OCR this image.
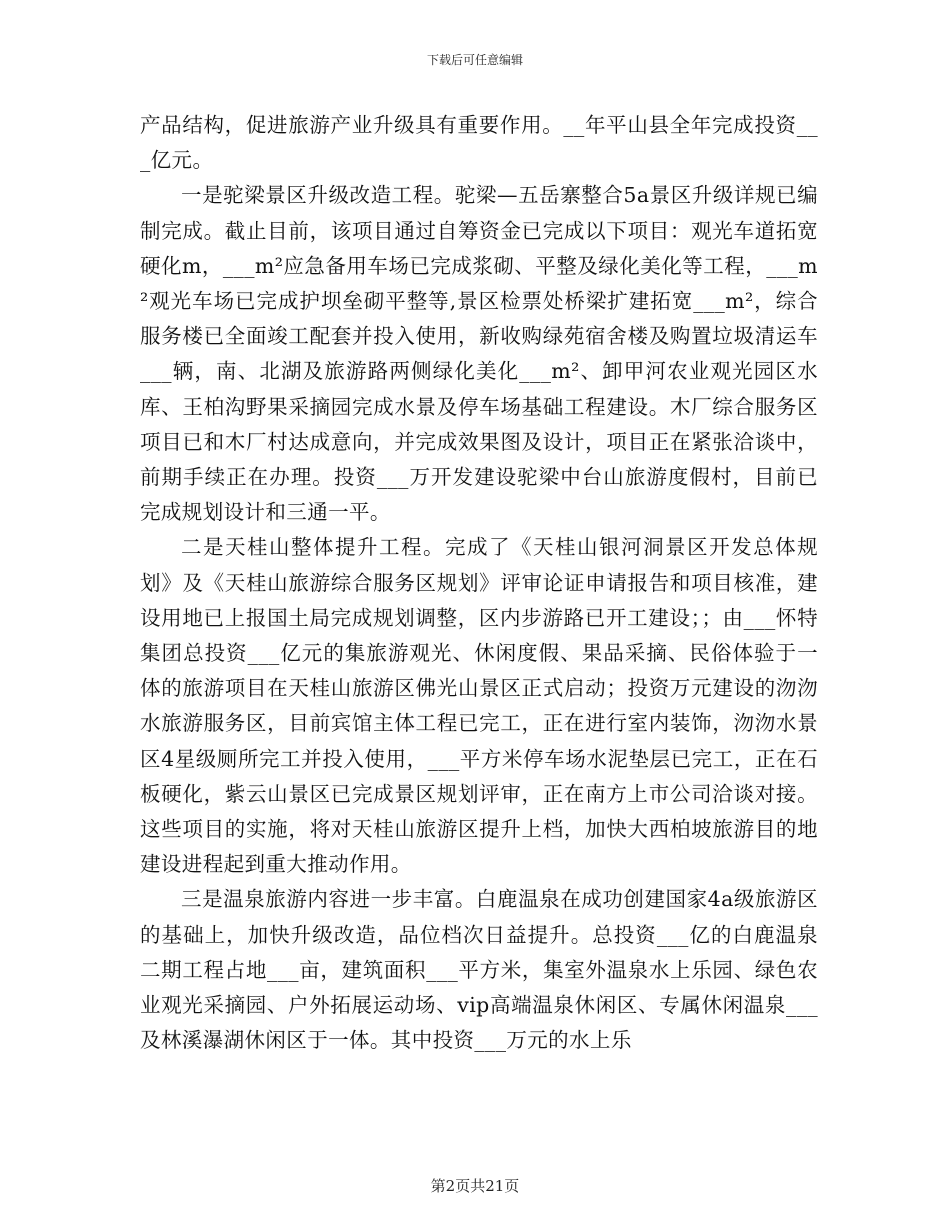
下载后可任意编辑

产品结构，促进旅游产业升级具有重要作用。__年平山县全年完成投资___亿元。

一是驼梁景区升级改造工程。驼梁—五岳寨整合5a景区升级详规已编制完成。截止目前，该项目通过自筹资金已完成以下项目：观光车道拓宽硬化m，___m²应急备用车场已完成浆砌、平整及绿化美化等工程，___m²观光车场已完成护坝垒砌平整等,景区检票处桥梁扩建拓宽___m²，综合服务楼已全面竣工配套并投入使用，新收购绿苑宿舍楼及购置垃圾清运车___辆，南、北湖及旅游路两侧绿化美化___m²、卸甲河农业观光园区水库、王柏沟野果采摘园完成水景及停车场基础工程建设。木厂综合服务区项目已和木厂村达成意向，并完成效果图及设计，项目正在紧张洽谈中，前期手续正在办理。投资___万开发建设驼梁中台山旅游度假村，目前已完成规划设计和三通一平。

二是天桂山整体提升工程。完成了《天桂山银河洞景区开发总体规划》及《天桂山旅游综合服务区规划》评审论证申请报告和项目核准，建设用地已上报国土局完成规划调整，区内步游路已开工建设；；由___怀特集团总投资___亿元的集旅游观光、休闲度假、果品采摘、民俗体验于一体的旅游项目在天桂山旅游区佛光山景区正式启动；投资万元建设的沕沕水旅游服务区，目前宾馆主体工程已完工，正在进行室内装饰，沕沕水景区4星级厕所完工并投入使用，___平方米停车场水泥垫层已完工，正在石板硬化，紫云山景区已完成景区规划评审，正在南方上市公司洽谈对接。这些项目的实施，将对天桂山旅游区提升上档，加快大西柏坡旅游目的地建设进程起到重大推动作用。

三是温泉旅游内容进一步丰富。白鹿温泉在成功创建国家4a级旅游区的基础上，加快升级改造，品位档次日益提升。总投资___亿的白鹿温泉二期工程占地___亩，建筑面积___平方米，集室外温泉水上乐园、绿色农业观光采摘园、户外拓展运动场、vip高端温泉休闲区、专属休闲温泉___及林溪瀑湖休闲区于一体。其中投资___万元的水上乐

第2页共21页
